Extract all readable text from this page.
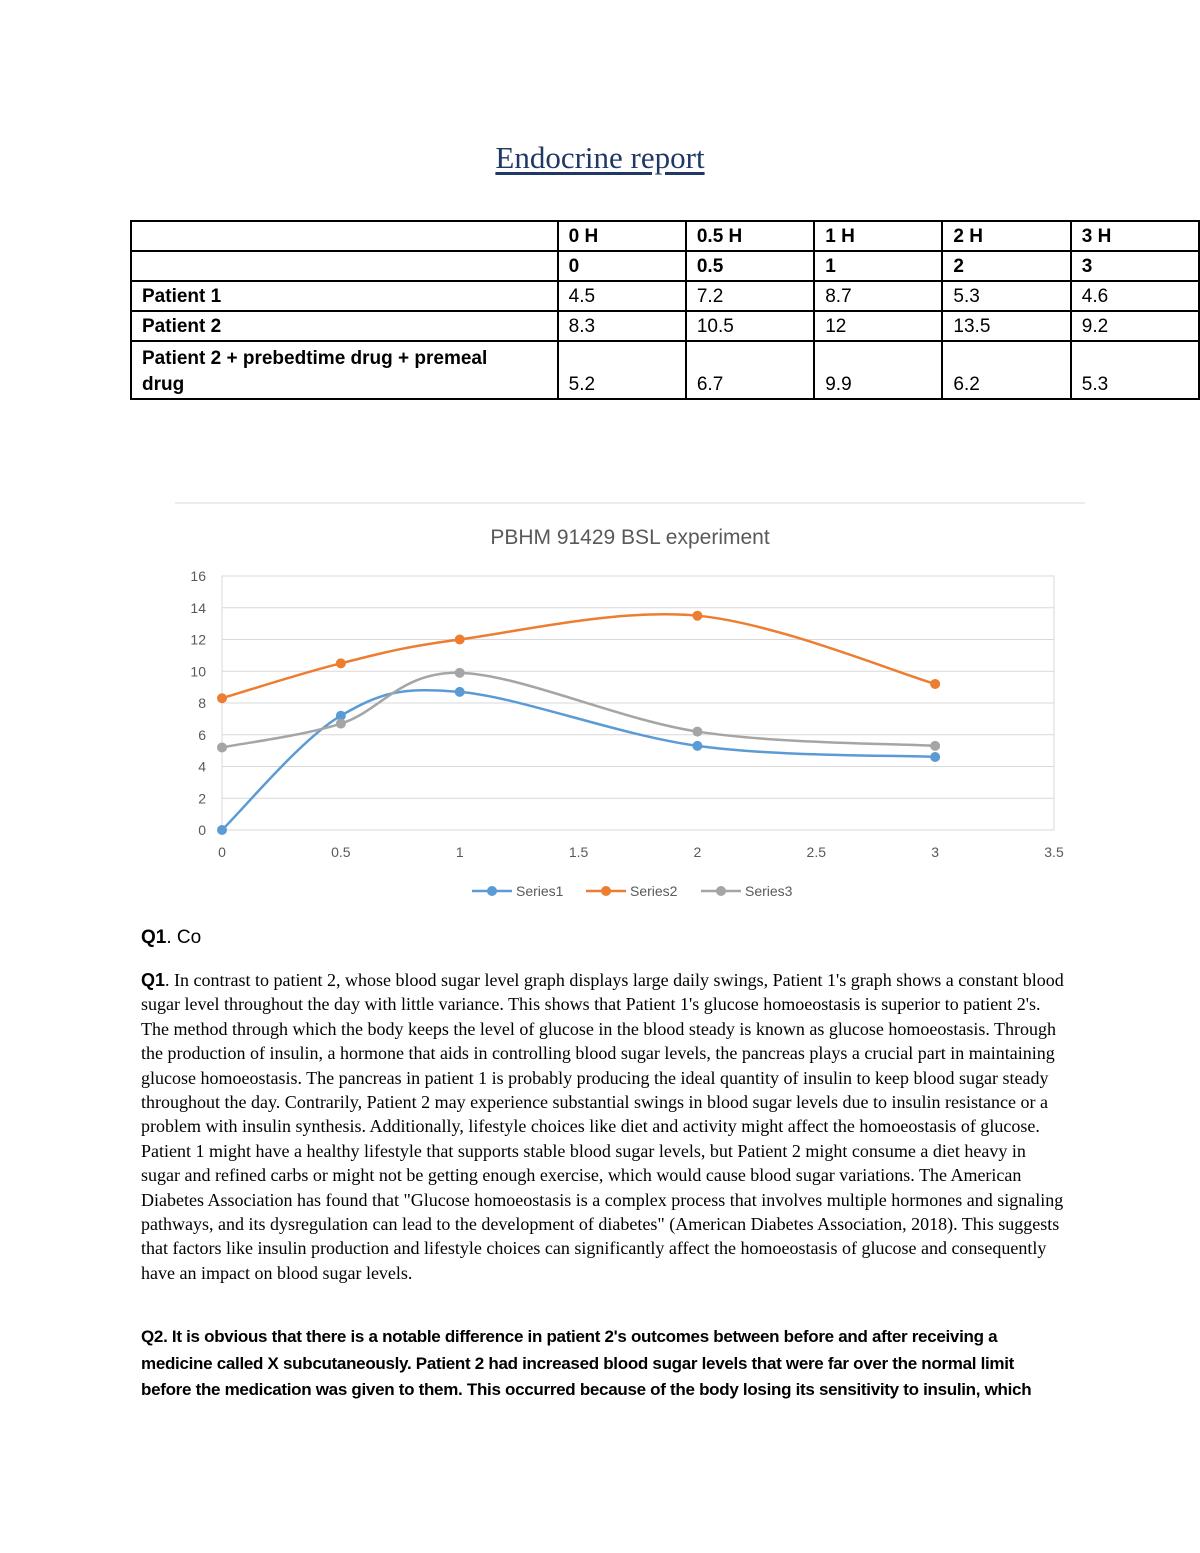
Endocrine report
	0 H	0.5 H	1 H	2 H	3 H
	0	0.5	1	2	3
Patient 1	4.5	7.2	8.7	5.3	4.6
Patient 2	8.3	10.5	12	13.5	9.2
Patient 2 + prebedtime drug + premeal
drug	5.2	6.7	9.9	6.2	5.3
PBHM 91429 BSL experiment
0
2
4
6
8
10
12
14
16
0	0.5	1	1.5	2	2.5	3	3.5
Series1	Series2	Series3
Q1. Co
Q1. In contrast to patient 2, whose blood sugar level graph displays large daily swings, Patient 1's graph shows a constant blood sugar level throughout the day with little variance. This shows that Patient 1's glucose homoeostasis is superior to patient 2's. The method through which the body keeps the level of glucose in the blood steady is known as glucose homoeostasis. Through the production of insulin, a hormone that aids in controlling blood sugar levels, the pancreas plays a crucial part in maintaining glucose homoeostasis. The pancreas in patient 1 is probably producing the ideal quantity of insulin to keep blood sugar steady throughout the day. Contrarily, Patient 2 may experience substantial swings in blood sugar levels due to insulin resistance or a problem with insulin synthesis. Additionally, lifestyle choices like diet and activity might affect the homoeostasis of glucose. Patient 1 might have a healthy lifestyle that supports stable blood sugar levels, but Patient 2 might consume a diet heavy in sugar and refined carbs or might not be getting enough exercise, which would cause blood sugar variations. The American Diabetes Association has found that "Glucose homoeostasis is a complex process that involves multiple hormones and signaling pathways, and its dysregulation can lead to the development of diabetes" (American Diabetes Association, 2018). This suggests that factors like insulin production and lifestyle choices can significantly affect the homoeostasis of glucose and consequently have an impact on blood sugar levels.
Q2. It is obvious that there is a notable difference in patient 2's outcomes between before and after receiving a medicine called X subcutaneously. Patient 2 had increased blood sugar levels that were far over the normal limit before the medication was given to them. This occurred because of the body losing its sensitivity to insulin, which
